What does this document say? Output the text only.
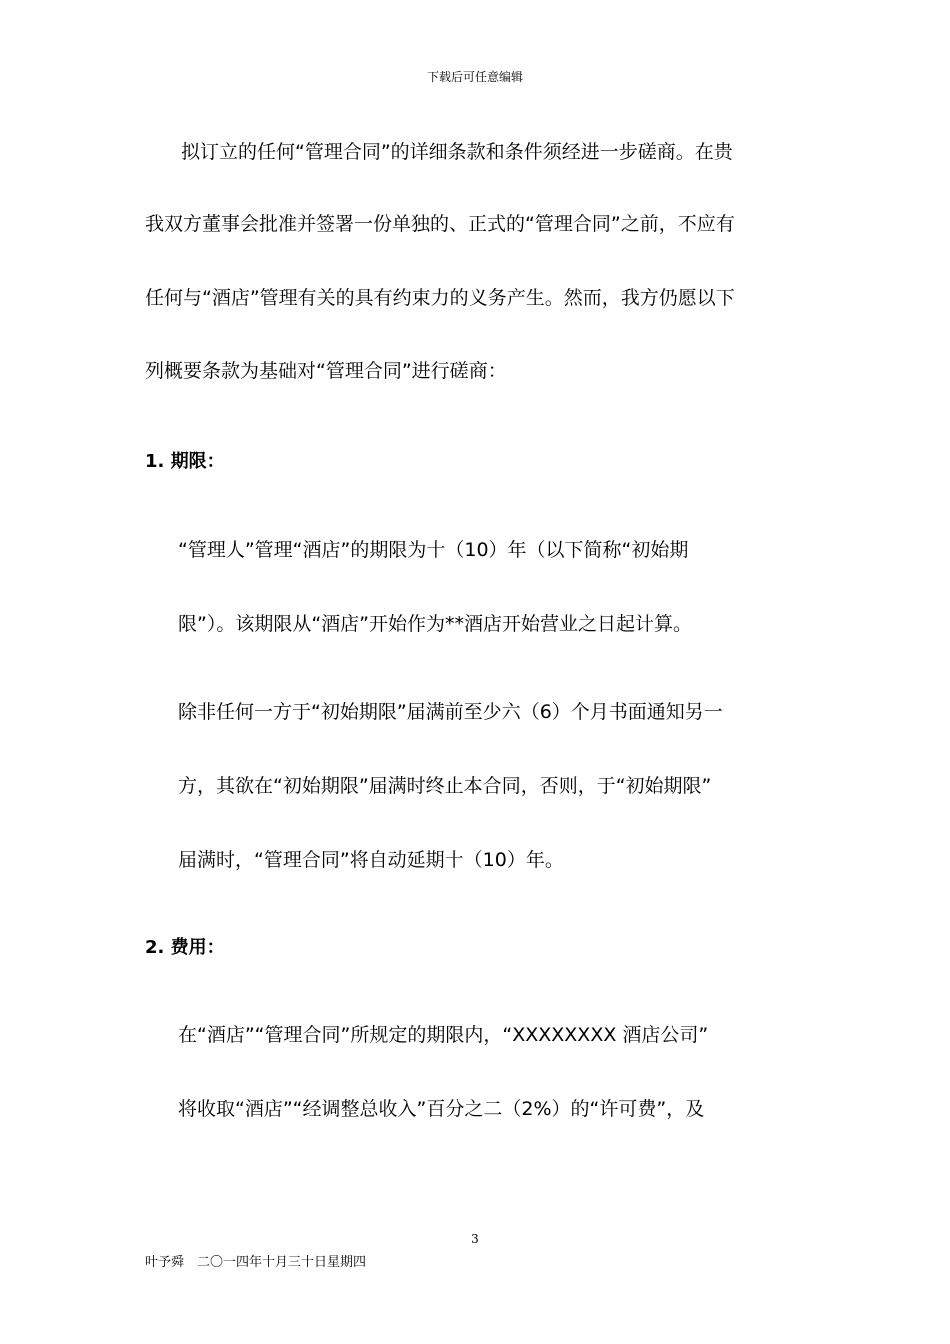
下载后可任意编辑
拟订立的任何“管理合同”的详细条款和条件须经进一步磋商。在贵
我双方董事会批准并签署一份单独的、正式的“管理合同”之前，不应有
任何与“酒店”管理有关的具有约束力的义务产生。然而，我方仍愿以下
列概要条款为基础对“管理合同”进行磋商：
1. 期限：
“管理人”管理“酒店”的期限为十（10）年（以下简称“初始期
限”）。该期限从“酒店”开始作为**酒店开始营业之日起计算。
除非任何一方于“初始期限”届满前至少六（6）个月书面通知另一
方，其欲在“初始期限”届满时终止本合同，否则，于“初始期限”
届满时，“管理合同”将自动延期十（10）年。
2. 费用：
在“酒店”“管理合同”所规定的期限内，“XXXXXXXX 酒店公司”
将收取“酒店”“经调整总收入”百分之二（2%）的“许可费”，及
3
叶予舜　二〇一四年十月三十日星期四
